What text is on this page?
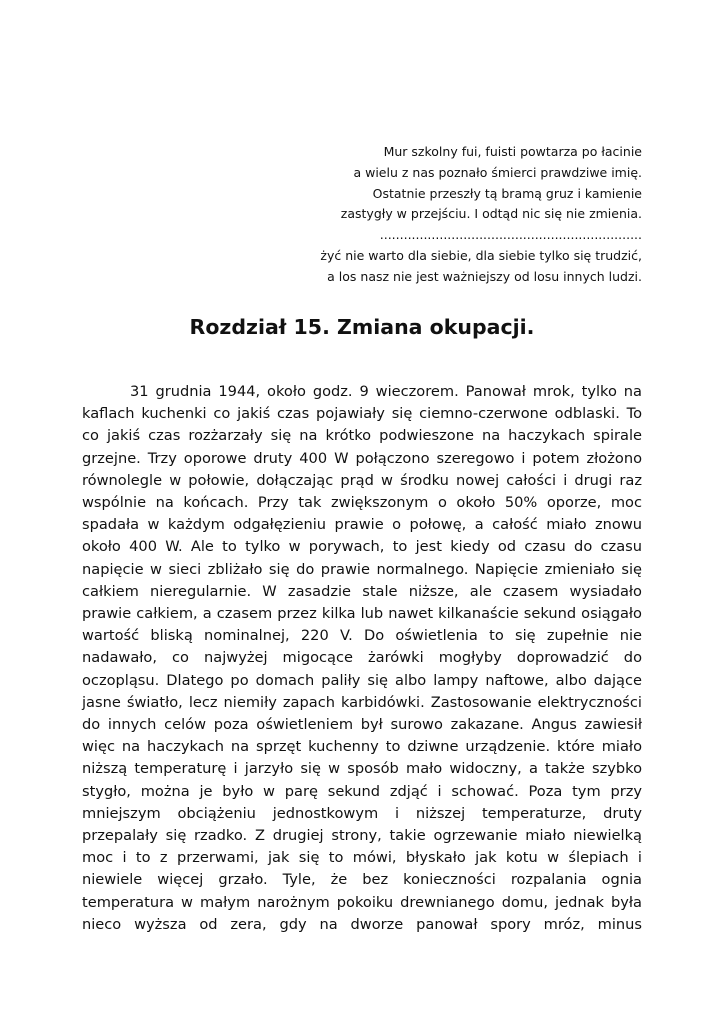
Mur szkolny fui, fuisti powtarza po łacinie
a wielu z nas poznało śmierci prawdziwe imię.
Ostatnie przeszły tą bramą gruz i kamienie
zastygły w przejściu. I odtąd nic się nie zmienia.
..................................................................
żyć nie warto dla siebie, dla siebie tylko się trudzić,
a los nasz nie jest ważniejszy od losu innych ludzi.
Rozdział 15. Zmiana okupacji.
31 grudnia 1944, około godz. 9 wieczorem. Panował mrok, tylko na
kaflach kuchenki co jakiś czas pojawiały się ciemno-czerwone odblaski. To
co jakiś czas rozżarzały się na krótko podwieszone na haczykach spirale
grzejne. Trzy oporowe druty 400 W połączono szeregowo i potem złożono
równolegle w połowie, dołączając prąd w środku nowej całości i drugi raz
wspólnie na końcach. Przy tak zwiększonym o około 50% oporze, moc
spadała w każdym odgałęzieniu prawie o połowę, a całość miało znowu
około 400 W. Ale to tylko w porywach, to jest kiedy od czasu do czasu
napięcie w sieci zbliżało się do prawie normalnego. Napięcie zmieniało się
całkiem nieregularnie. W zasadzie stale niższe, ale czasem wysiadało
prawie całkiem, a czasem przez kilka lub nawet kilkanaście sekund osiągało
wartość bliską nominalnej, 220 V. Do oświetlenia to się zupełnie nie
nadawało, co najwyżej migocące żarówki mogłyby doprowadzić do
oczopląsu. Dlatego po domach paliły się albo lampy naftowe, albo dające
jasne światło, lecz niemiły zapach karbidówki. Zastosowanie elektryczności
do innych celów poza oświetleniem był surowo zakazane. Angus zawiesił
więc na haczykach na sprzęt kuchenny to dziwne urządzenie. które miało
niższą temperaturę i jarzyło się w sposób mało widoczny, a także szybko
stygło, można je było w parę sekund zdjąć i schować. Poza tym przy
mniejszym obciążeniu jednostkowym i niższej temperaturze, druty
przepalały się rzadko. Z drugiej strony, takie ogrzewanie miało niewielką
moc i to z przerwami, jak się to mówi, błyskało jak kotu w ślepiach i
niewiele więcej grzało. Tyle, że bez konieczności rozpalania ognia
temperatura w małym narożnym pokoiku drewnianego domu, jednak była
nieco wyższa od zera, gdy na dworze panował spory mróz, minus
